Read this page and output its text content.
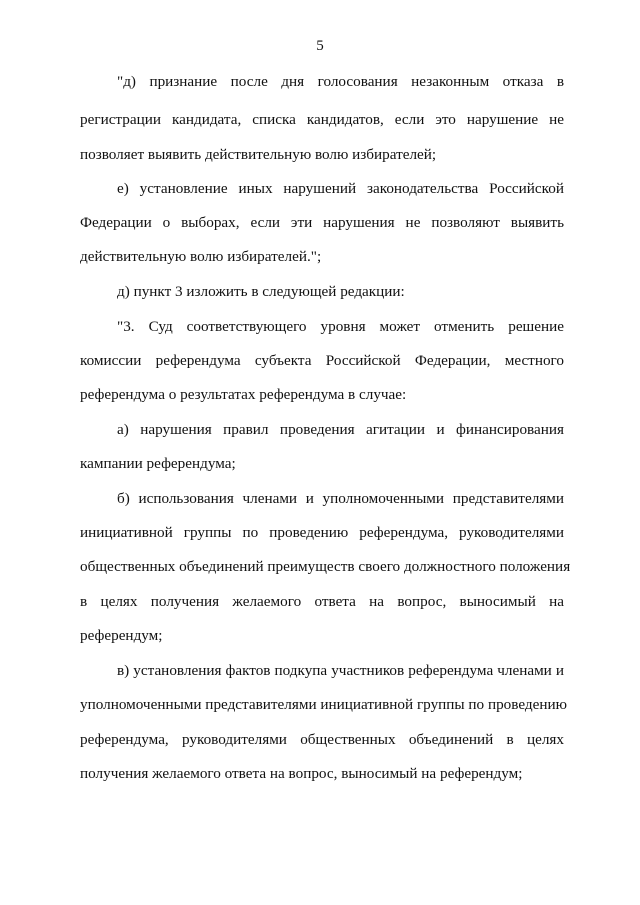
5
"д) признание после дня голосования незаконным отказа в
регистрации кандидата, списка кандидатов, если это нарушение не
позволяет выявить действительную волю избирателей;
е) установление иных нарушений законодательства Российской
Федерации о выборах, если эти нарушения не позволяют выявить
действительную волю избирателей.";
д) пункт 3 изложить в следующей редакции:
"3. Суд соответствующего уровня может отменить решение
комиссии референдума субъекта Российской Федерации, местного
референдума о результатах референдума в случае:
а) нарушения правил проведения агитации и финансирования
кампании референдума;
б) использования членами и уполномоченными представителями
инициативной группы по проведению референдума, руководителями
общественных объединений преимуществ своего должностного положения
в целях получения желаемого ответа на вопрос, выносимый на
референдум;
в) установления фактов подкупа участников референдума членами и
уполномоченными представителями инициативной группы по проведению
референдума, руководителями общественных объединений в целях
получения желаемого ответа на вопрос, выносимый на референдум;
